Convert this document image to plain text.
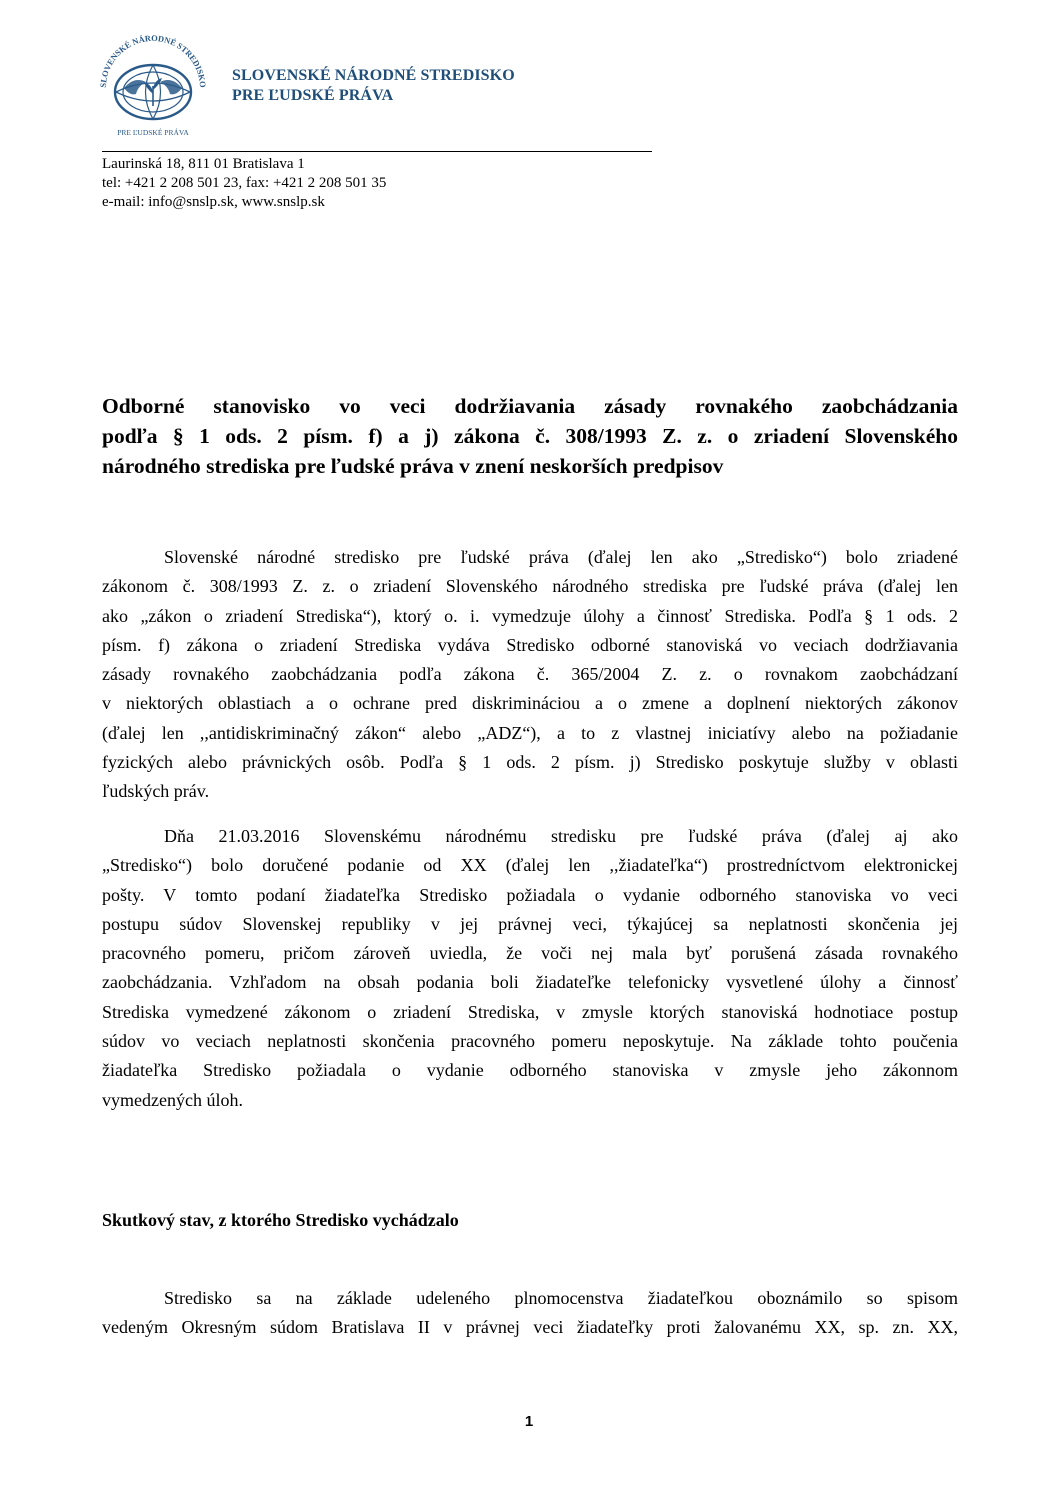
SLOVENSKÉ NÁRODNÉ STREDISKO
PRE ĽUDSKÉ PRÁVA
SLOVENSKÉ NÁRODNÉ STREDISKO
PRE ĽUDSKÉ PRÁVA
Laurinská 18, 811 01 Bratislava 1
tel: +421 2 208 501 23, fax: +421 2 208 501 35
e-mail: info@snslp.sk, www.snslp.sk
Odborné stanovisko vo veci dodržiavania zásady rovnakého zaobchádzania
podľa § 1 ods. 2 písm. f) a j) zákona č. 308/1993 Z. z. o zriadení Slovenského
národného strediska pre ľudské práva v znení neskorších predpisov
Slovenské národné stredisko pre ľudské práva (ďalej len ako „Stredisko“) bolo zriadené
zákonom č. 308/1993 Z. z. o zriadení Slovenského národného strediska pre ľudské práva (ďalej len
ako „zákon o zriadení Strediska“), ktorý o. i. vymedzuje úlohy a činnosť Strediska. Podľa § 1 ods. 2
písm. f) zákona o zriadení Strediska vydáva Stredisko odborné stanoviská vo veciach dodržiavania
zásady rovnakého zaobchádzania podľa zákona č. 365/2004 Z. z. o rovnakom zaobchádzaní
v niektorých oblastiach a o ochrane pred diskrimináciou a o zmene a doplnení niektorých zákonov
(ďalej len ,,antidiskriminačný zákon“ alebo „ADZ“), a to z vlastnej iniciatívy alebo na požiadanie
fyzických alebo právnických osôb. Podľa § 1 ods. 2 písm. j) Stredisko poskytuje služby v oblasti
ľudských práv.
Dňa 21.03.2016 Slovenskému národnému stredisku pre ľudské práva (ďalej aj ako
„Stredisko“) bolo doručené podanie od XX (ďalej len ,,žiadateľka“) prostredníctvom elektronickej
pošty. V tomto podaní žiadateľka Stredisko požiadala o vydanie odborného stanoviska vo veci
postupu súdov Slovenskej republiky v jej právnej veci, týkajúcej sa neplatnosti skončenia jej
pracovného pomeru, pričom zároveň uviedla, že voči nej mala byť porušená zásada rovnakého
zaobchádzania. Vzhľadom na obsah podania boli žiadateľke telefonicky vysvetlené úlohy a činnosť
Strediska vymedzené zákonom o zriadení Strediska, v zmysle ktorých stanoviská hodnotiace postup
súdov vo veciach neplatnosti skončenia pracovného pomeru neposkytuje. Na základe tohto poučenia
žiadateľka Stredisko požiadala o vydanie odborného stanoviska v zmysle jeho zákonnom
vymedzených úloh.
Skutkový stav, z ktorého Stredisko vychádzalo
Stredisko sa na základe udeleného plnomocenstva žiadateľkou oboznámilo so spisom
vedeným Okresným súdom Bratislava II v právnej veci žiadateľky proti žalovanému XX, sp. zn. XX,
1
